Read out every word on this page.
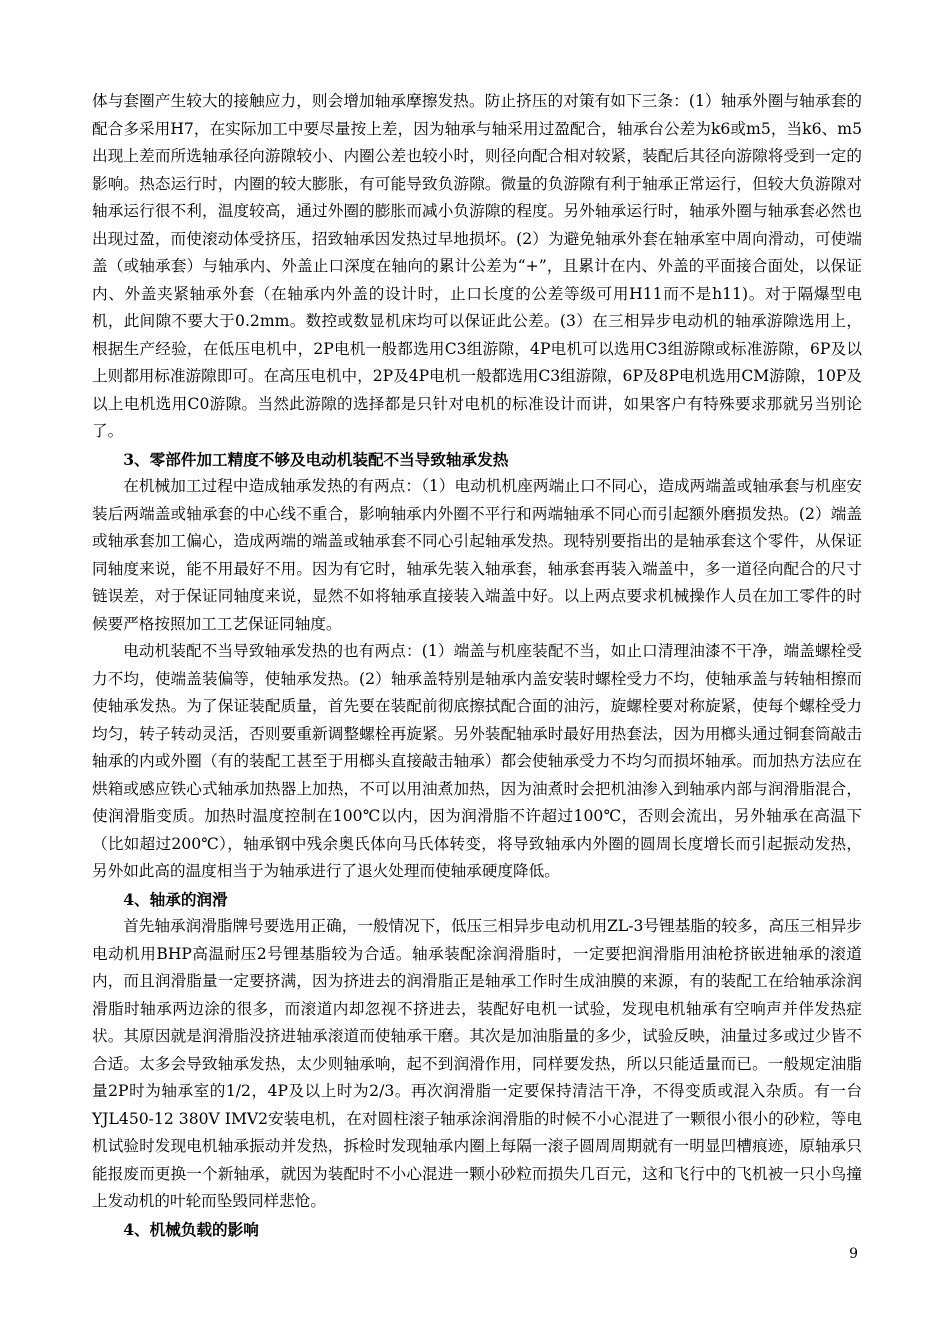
体与套圈产生较大的接触应力，则会增加轴承摩擦发热。防止挤压的对策有如下三条：(1）轴承外圈与轴承套的配合多采用H7，在实际加工中要尽量按上差，因为轴承与轴采用过盈配合，轴承台公差为k6或m5，当k6、m5出现上差而所选轴承径向游隙较小、内圈公差也较小时，则径向配合相对较紧，装配后其径向游隙将受到一定的影响。热态运行时，内圈的较大膨胀，有可能导致负游隙。微量的负游隙有利于轴承正常运行，但较大负游隙对轴承运行很不利，温度较高，通过外圈的膨胀而减小负游隙的程度。另外轴承运行时，轴承外圈与轴承套必然也出现过盈，而使滚动体受挤压，招致轴承因发热过早地损坏。(2）为避免轴承外套在轴承室中周向滑动，可使端盖（或轴承套）与轴承内、外盖止口深度在轴向的累计公差为“+”，且累计在内、外盖的平面接合面处，以保证内、外盖夹紧轴承外套（在轴承内外盖的设计时，止口长度的公差等级可用H11而不是h11)。对于隔爆型电机，此间隙不要大于0.2mm。数控或数显机床均可以保证此公差。(3）在三相异步电动机的轴承游隙选用上，根据生产经验，在低压电机中，2P电机一般都选用C3组游隙，4P电机可以选用C3组游隙或标准游隙，6P及以上则都用标准游隙即可。在高压电机中，2P及4P电机一般都选用C3组游隙，6P及8P电机选用CM游隙，10P及以上电机选用C0游隙。当然此游隙的选择都是只针对电机的标准设计而讲，如果客户有特殊要求那就另当别论了。

3、零部件加工精度不够及电动机装配不当导致轴承发热

在机械加工过程中造成轴承发热的有两点：（1）电动机机座两端止口不同心，造成两端盖或轴承套与机座安装后两端盖或轴承套的中心线不重合，影响轴承内外圈不平行和两端轴承不同心而引起额外磨损发热。(2）端盖或轴承套加工偏心，造成两端的端盖或轴承套不同心引起轴承发热。现特别要指出的是轴承套这个零件，从保证同轴度来说，能不用最好不用。因为有它时，轴承先装入轴承套，轴承套再装入端盖中，多一道径向配合的尺寸链误差，对于保证同轴度来说，显然不如将轴承直接装入端盖中好。以上两点要求机械操作人员在加工零件的时候要严格按照加工工艺保证同轴度。

电动机装配不当导致轴承发热的也有两点：(1）端盖与机座装配不当，如止口清理油漆不干净，端盖螺栓受力不均，使端盖装偏等，使轴承发热。(2）轴承盖特别是轴承内盖安装时螺栓受力不均，使轴承盖与转轴相擦而使轴承发热。为了保证装配质量，首先要在装配前彻底擦拭配合面的油污，旋螺栓要对称旋紧，使每个螺栓受力均匀，转子转动灵活，否则要重新调整螺栓再旋紧。另外装配轴承时最好用热套法，因为用榔头通过铜套筒敲击轴承的内或外圈（有的装配工甚至于用榔头直接敲击轴承）都会使轴承受力不均匀而损坏轴承。而加热方法应在烘箱或感应铁心式轴承加热器上加热，不可以用油煮加热，因为油煮时会把机油渗入到轴承内部与润滑脂混合，使润滑脂变质。加热时温度控制在100℃以内，因为润滑脂不许超过100℃，否则会流出，另外轴承在高温下（比如超过200℃），轴承钢中残余奥氏体向马氏体转变，将导致轴承内外圈的圆周长度增长而引起振动发热，另外如此高的温度相当于为轴承进行了退火处理而使轴承硬度降低。

4、轴承的润滑

首先轴承润滑脂牌号要选用正确，一般情况下，低压三相异步电动机用ZL-3号锂基脂的较多，高压三相异步电动机用BHP高温耐压2号锂基脂较为合适。轴承装配涂润滑脂时，一定要把润滑脂用油枪挤嵌进轴承的滚道内，而且润滑脂量一定要挤满，因为挤进去的润滑脂正是轴承工作时生成油膜的来源，有的装配工在给轴承涂润滑脂时轴承两边涂的很多，而滚道内却忽视不挤进去，装配好电机一试验，发现电机轴承有空响声并伴发热症状。其原因就是润滑脂没挤进轴承滚道而使轴承干磨。其次是加油脂量的多少，试验反映，油量过多或过少皆不合适。太多会导致轴承发热，太少则轴承响，起不到润滑作用，同样要发热，所以只能适量而已。一般规定油脂量2P时为轴承室的1/2，4P及以上时为2/3。再次润滑脂一定要保持清洁干净，不得变质或混入杂质。有一台YJL450-12 380V IMV2安装电机，在对圆柱滚子轴承涂润滑脂的时候不小心混进了一颗很小很小的砂粒，等电机试验时发现电机轴承振动并发热，拆检时发现轴承内圈上每隔一滚子圆周周期就有一明显凹槽痕迹，原轴承只能报废而更换一个新轴承，就因为装配时不小心混进一颗小砂粒而损失几百元，这和飞行中的飞机被一只小鸟撞上发动机的叶轮而坠毁同样悲怆。

4、机械负载的影响

9
